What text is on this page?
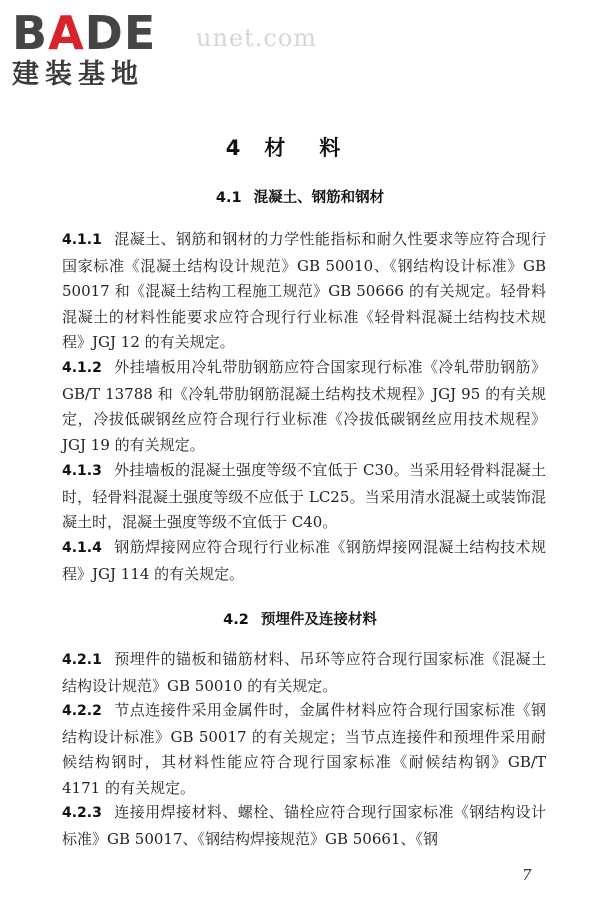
BADE
建装基地
unet.com
4 材料
4.1 混凝土、钢筋和钢材

4.1.1 混凝土、钢筋和钢材的力学性能指标和耐久性要求等应符合现行国家标准《混凝土结构设计规范》GB 50010、《钢结构设计标准》GB 50017 和《混凝土结构工程施工规范》GB 50666 的有关规定。轻骨料混凝土的材料性能要求应符合现行行业标准《轻骨料混凝土结构技术规程》JGJ 12 的有关规定。

4.1.2 外挂墙板用冷轧带肋钢筋应符合国家现行标准《冷轧带肋钢筋》GB/T 13788 和《冷轧带肋钢筋混凝土结构技术规程》JGJ 95 的有关规定，冷拔低碳钢丝应符合现行行业标准《冷拔低碳钢丝应用技术规程》JGJ 19 的有关规定。

4.1.3 外挂墙板的混凝土强度等级不宜低于 C30。当采用轻骨料混凝土时，轻骨料混凝土强度等级不应低于 LC25。当采用清水混凝土或装饰混凝土时，混凝土强度等级不宜低于 C40。

4.1.4 钢筋焊接网应符合现行行业标准《钢筋焊接网混凝土结构技术规程》JGJ 114 的有关规定。

4.2 预埋件及连接材料

4.2.1 预埋件的锚板和锚筋材料、吊环等应符合现行国家标准《混凝土结构设计规范》GB 50010 的有关规定。

4.2.2 节点连接件采用金属件时，金属件材料应符合现行国家标准《钢结构设计标准》GB 50017 的有关规定；当节点连接件和预埋件采用耐候结构钢时，其材料性能应符合现行国家标准《耐候结构钢》GB/T 4171 的有关规定。

4.2.3 连接用焊接材料、螺栓、锚栓应符合现行国家标准《钢结构设计标准》GB 50017、《钢结构焊接规范》GB 50661、《钢

7
